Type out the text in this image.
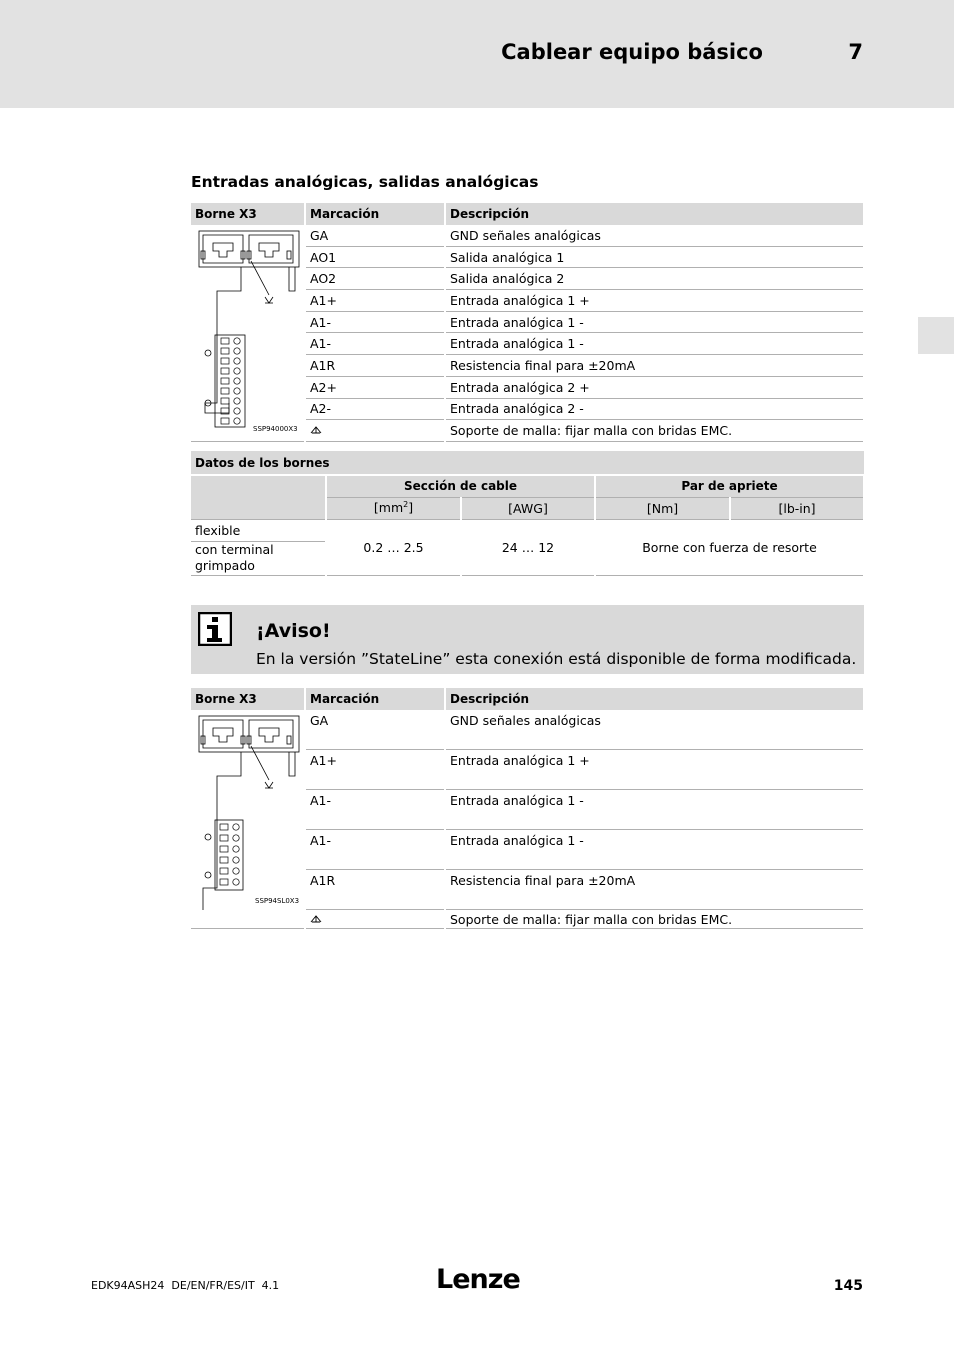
Cablear equipo básico	7
Entradas analógicas, salidas analógicas
Borne X3	Marcación	Descripción

SSP94000X3	GA	GND señales analógicas
	AO1	Salida analógica 1
	AO2	Salida analógica 2
	A1+	Entrada analógica 1 +
	A1-	Entrada analógica 1 -
	A1-	Entrada analógica 1 -
	A1R	Resistencia final para ±20mA
	A2+	Entrada analógica 2 +
	A2-	Entrada analógica 2 -
	Soporte de malla: fijar malla con bridas EMC.
Datos de los bornes				
	Sección de cable		Par de apriete	
	$[mm^2]$	[AWG]	[Nm]	[lb-in]
flexible	0.2 … 2.5	24 … 12	Borne con fuerza de resorte	
con terminal grimpado				
¡Aviso!
En la versión ”StateLine” esta conexión está disponible de forma modificada.
Borne X3	Marcación	Descripción

SSP94SL0X3	GA	GND señales analógicas
	A1+	Entrada analógica 1 +
	A1-	Entrada analógica 1 -
	A1-	Entrada analógica 1 -
	A1R	Resistencia final para ±20mA
	Soporte de malla: fijar malla con bridas EMC.
EDK94ASH24  DE/EN/FR/ES/IT  4.1	Lenze	145
